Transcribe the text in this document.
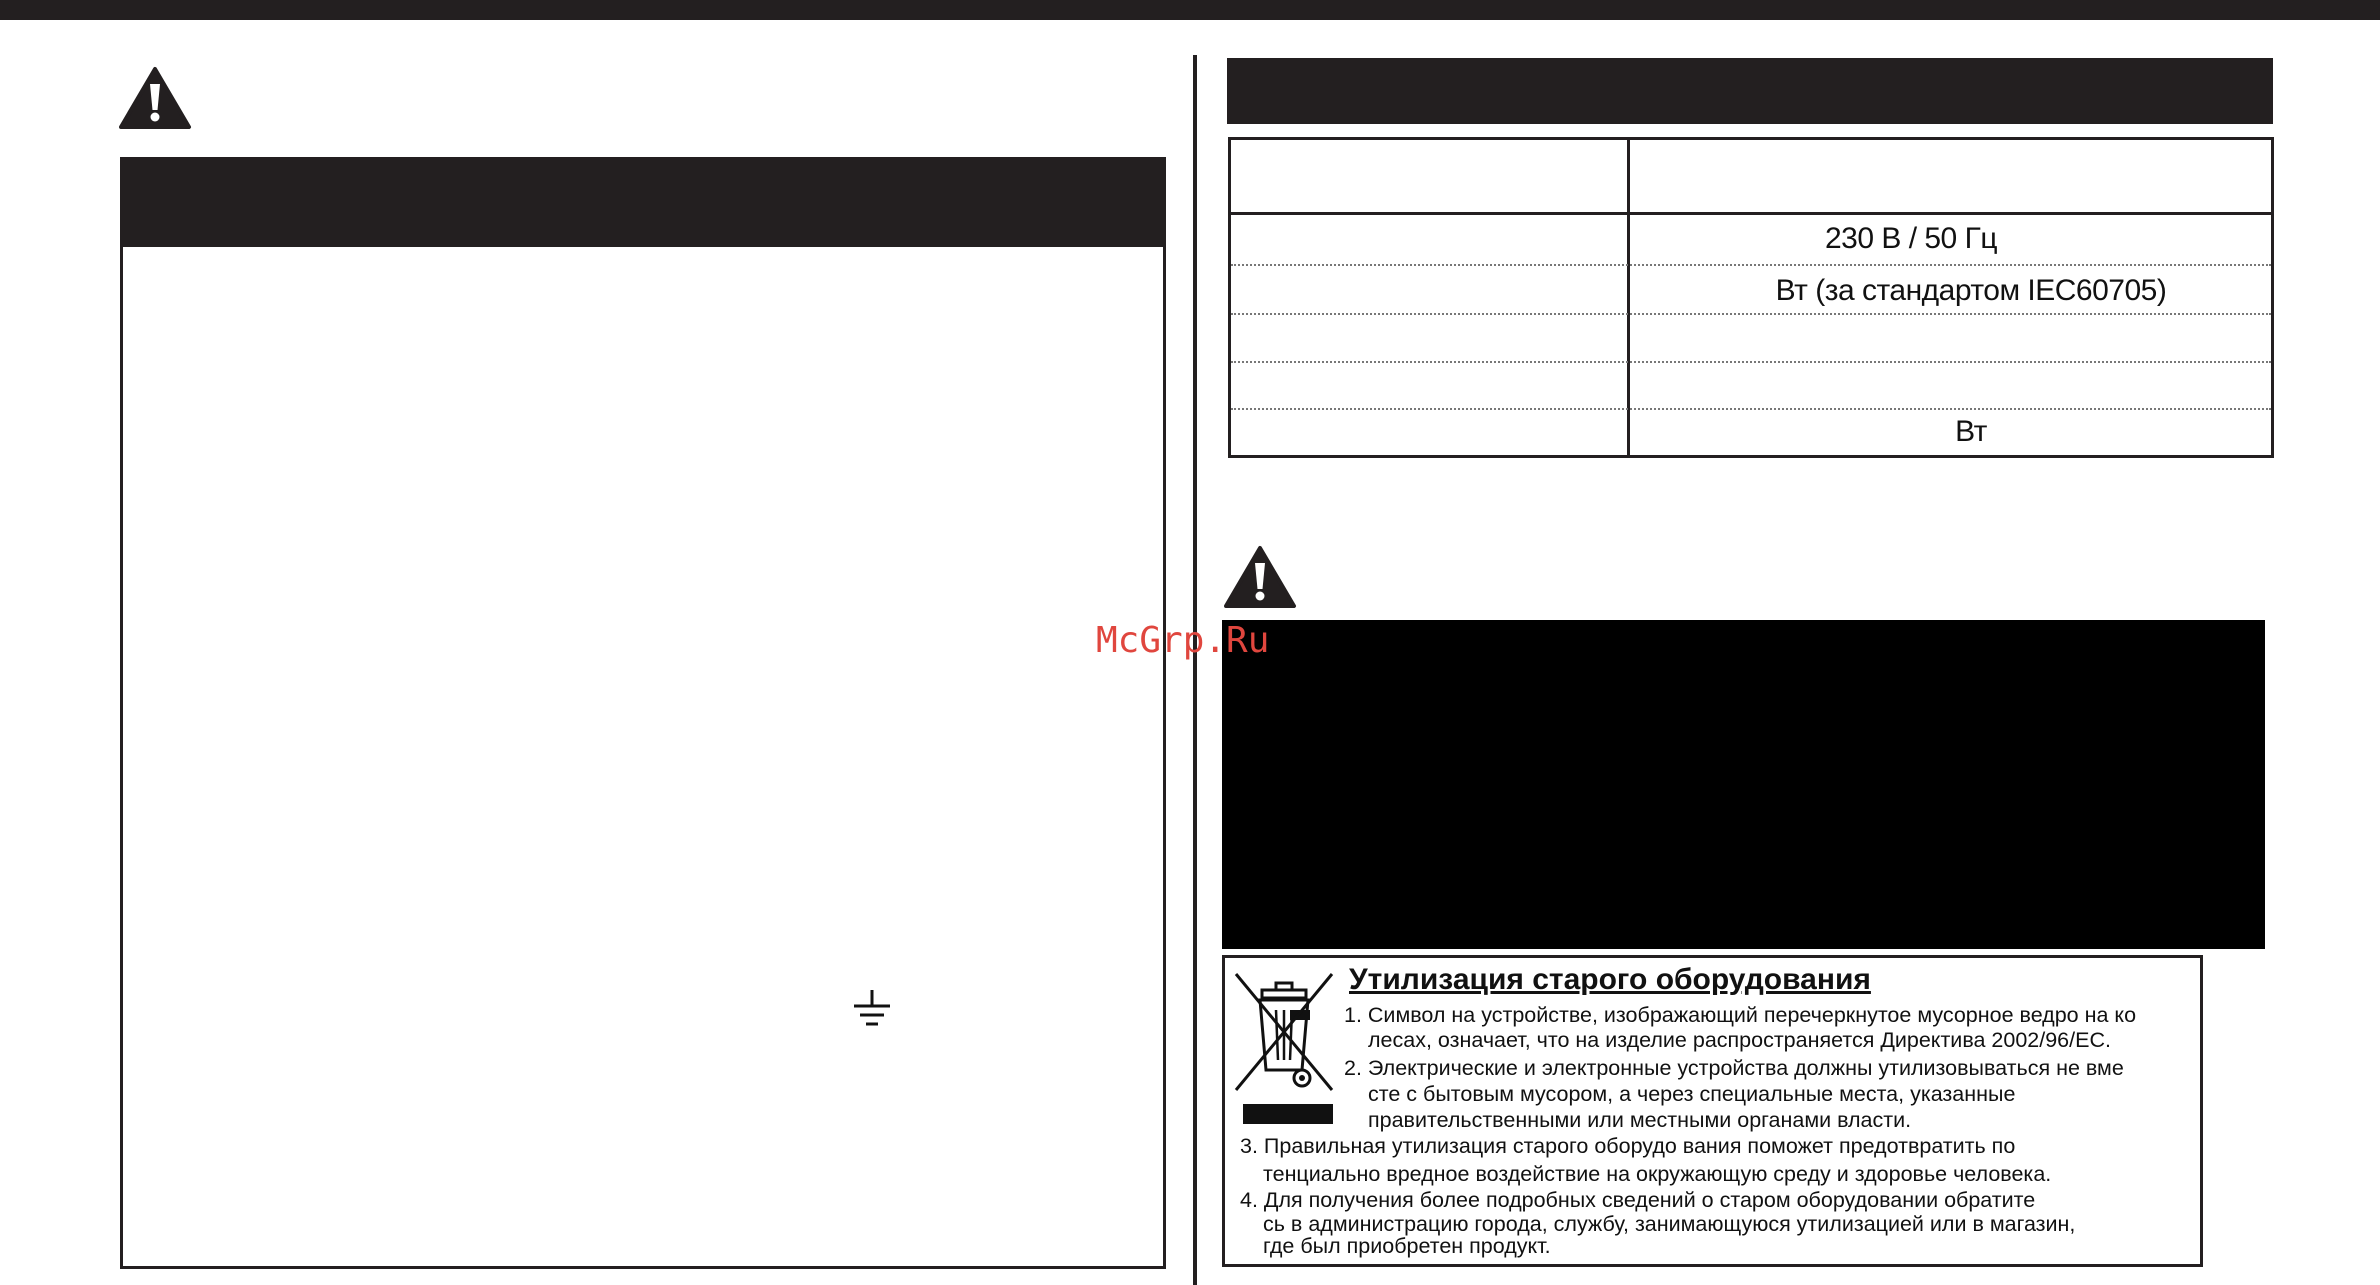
230 В / 50 Гц
Вт (за стандартом IEC60705)
Вт
McGrp.Ru
Утилизация старого оборудования
1. Символ на устройстве, изображающий перечеркнутое мусорное ведро на ко
лесах, означает, что на изделие распространяется Директива 2002/96/ЕС.
2. Электрические и электронные устройства должны утилизовываться не вме
сте с бытовым мусором, а через специальные места, указанные
правительственными или местными органами власти.
3. Правильная утилизация старого оборудо вания поможет предотвратить по
тенциально вредное воздействие на окружающую среду и здоровье человека.
4. Для получения более подробных сведений о старом оборудовании обратите
сь в администрацию города, службу, занимающуюся утилизацией или в магазин,
где был приобретен продукт.
